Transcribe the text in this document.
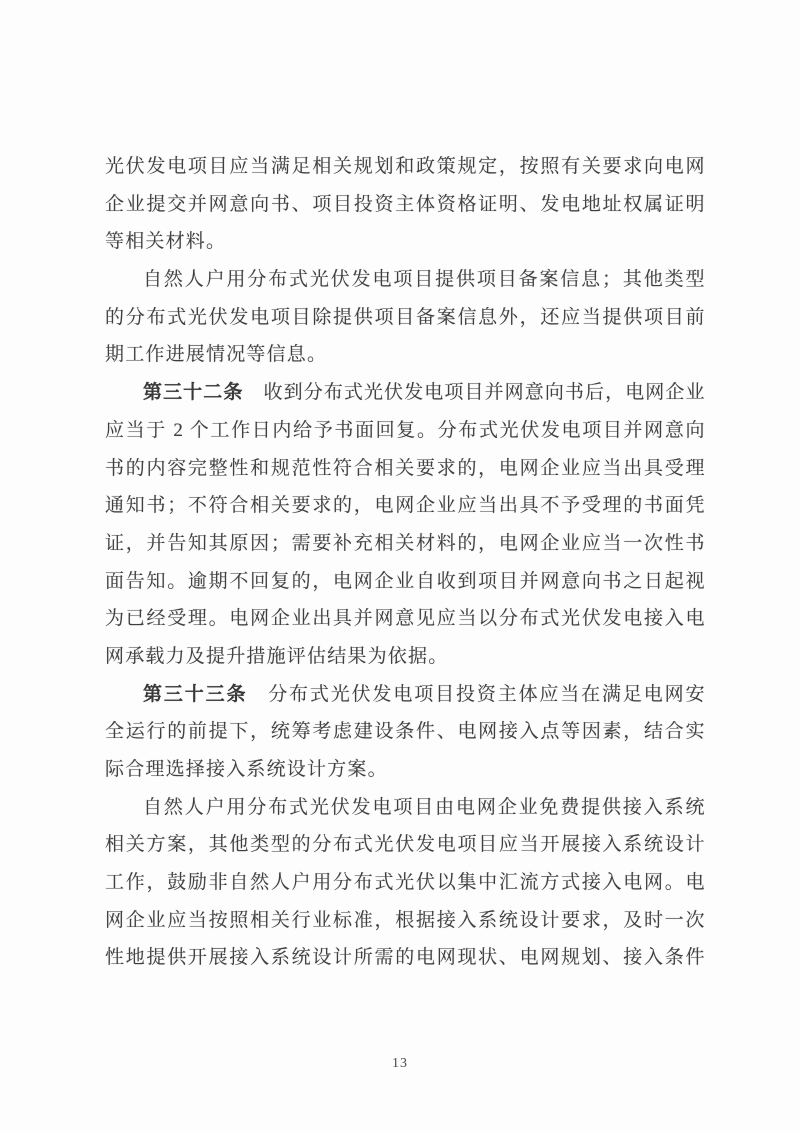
光伏发电项目应当满足相关规划和政策规定，按照有关要求向电网
企业提交并网意向书、项目投资主体资格证明、发电地址权属证明
等相关材料。
自然人户用分布式光伏发电项目提供项目备案信息；其他类型
的分布式光伏发电项目除提供项目备案信息外，还应当提供项目前
期工作进展情况等信息。
第三十二条　收到分布式光伏发电项目并网意向书后，电网企业
应当于 2 个工作日内给予书面回复。分布式光伏发电项目并网意向
书的内容完整性和规范性符合相关要求的，电网企业应当出具受理
通知书；不符合相关要求的，电网企业应当出具不予受理的书面凭
证，并告知其原因；需要补充相关材料的，电网企业应当一次性书
面告知。逾期不回复的，电网企业自收到项目并网意向书之日起视
为已经受理。电网企业出具并网意见应当以分布式光伏发电接入电
网承载力及提升措施评估结果为依据。
第三十三条　分布式光伏发电项目投资主体应当在满足电网安
全运行的前提下，统筹考虑建设条件、电网接入点等因素，结合实
际合理选择接入系统设计方案。
自然人户用分布式光伏发电项目由电网企业免费提供接入系统
相关方案，其他类型的分布式光伏发电项目应当开展接入系统设计
工作，鼓励非自然人户用分布式光伏以集中汇流方式接入电网。电
网企业应当按照相关行业标准，根据接入系统设计要求，及时一次
性地提供开展接入系统设计所需的电网现状、电网规划、接入条件
13
